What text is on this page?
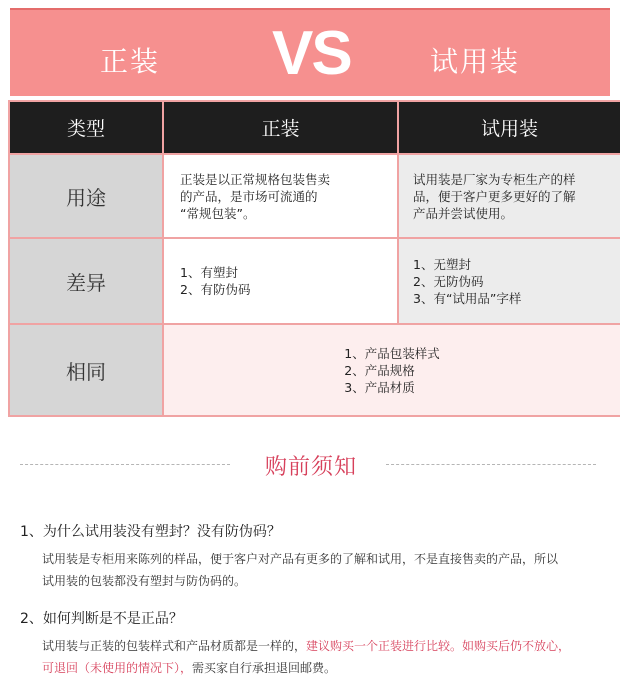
正装 VS	试用装
类型	正装	试用装
用途	正装是以正常规格包装售卖
的产品，是市场可流通的
“常规包装”。	试用装是厂家为专柜生产的样
品，便于客户更多更好的了解
产品并尝试使用。

差异	1、有塑封
2、有防伪码	1、无塑封
2、无防伪码
3、有“试用品”字样

相同	1、产品包装样式
2、产品规格
3、产品材质	
购前须知
1、为什么试用装没有塑封？没有防伪码？

试用装是专柜用来陈列的样品，便于客户对产品有更多的了解和试用，不是直接售卖的产品，所以
试用装的包装都没有塑封与防伪码的。

2、如何判断是不是正品？

试用装与正装的包装样式和产品材质都是一样的，建议购买一个正装进行比较。如购买后仍不放心，
可退回（未使用的情况下），需买家自行承担退回邮费。
